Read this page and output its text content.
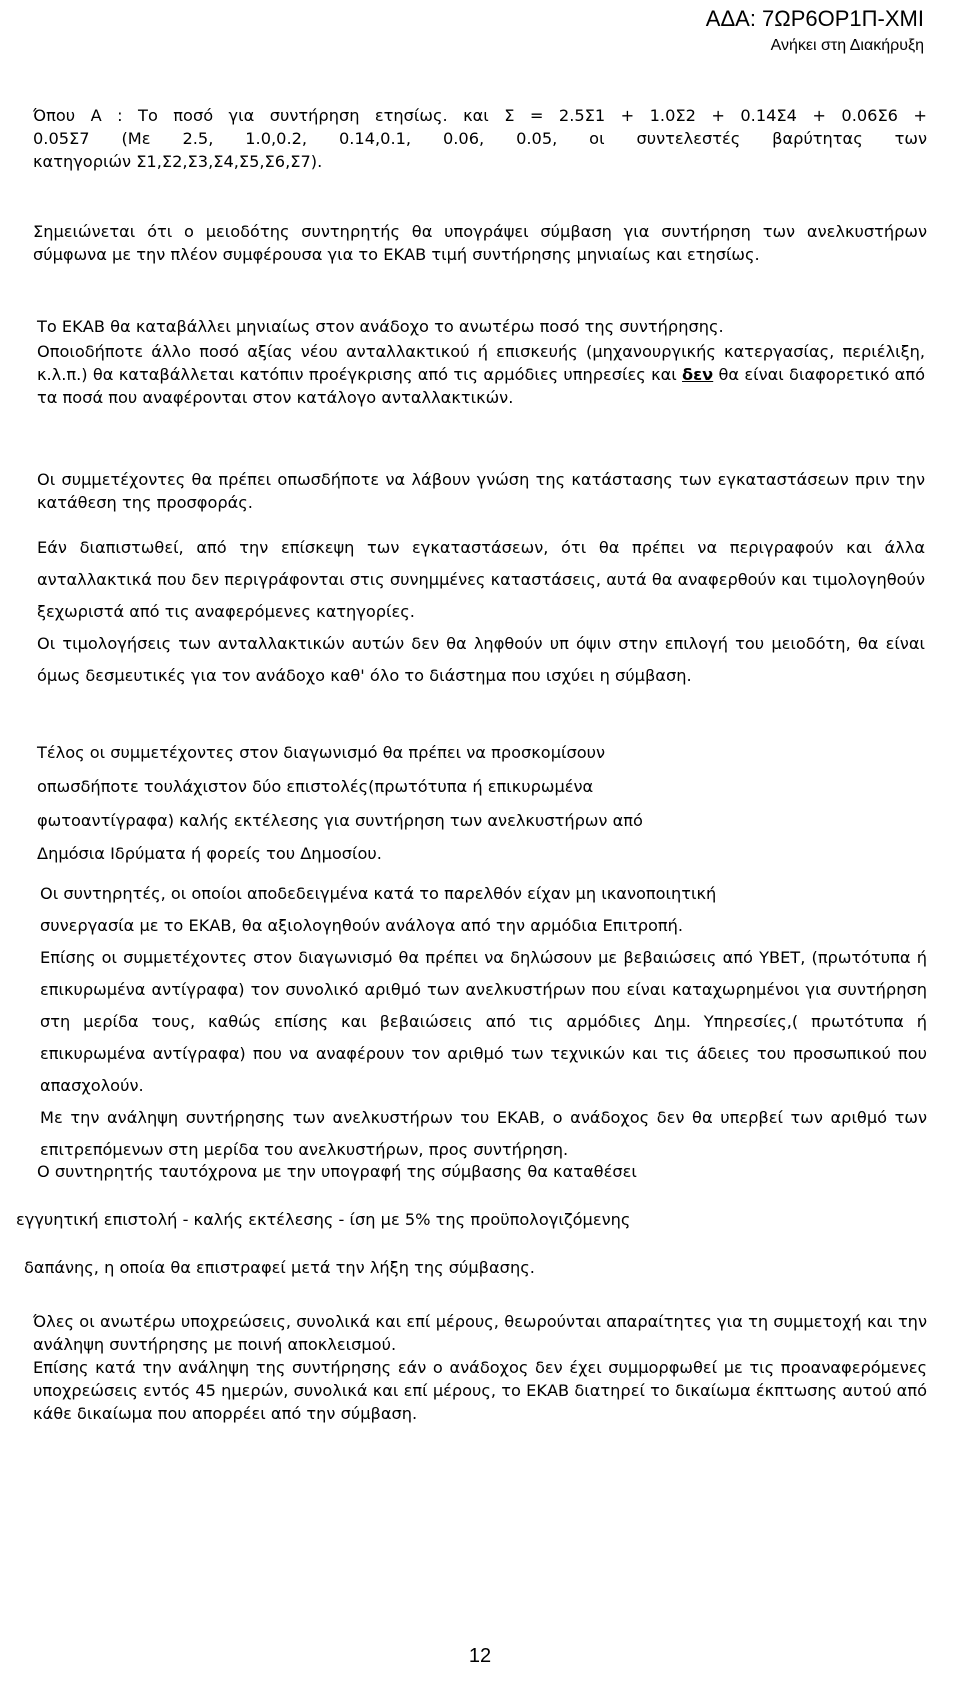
ΑΔΑ: 7ΩΡ6ΟΡ1Π-ΧΜΙ
Ανήκει στη Διακήρυξη
Όπου Α : Το ποσό για συντήρηση ετησίως. και Σ = 2.5Σ1 + 1.0Σ2 + 0.14Σ4 + 0.06Σ6 +
0.05Σ7 (Με 2.5, 1.0,0.2, 0.14,0.1, 0.06, 0.05, οι συντελεστές βαρύτητας των
κατηγοριών Σ1,Σ2,Σ3,Σ4,Σ5,Σ6,Σ7).
Σημειώνεται ότι ο μειοδότης συντηρητής θα υπογράψει σύμβαση για συντήρηση των ανελκυστήρων σύμφωνα με την πλέον συμφέρουσα για το ΕΚΑΒ τιμή συντήρησης μηνιαίως και ετησίως.
Το ΕΚΑΒ θα καταβάλλει μηνιαίως στον ανάδοχο το ανωτέρω ποσό της συντήρησης.
Οποιοδήποτε άλλο ποσό αξίας νέου ανταλλακτικού ή επισκευής (μηχανουργικής κατεργασίας, περιέλιξη, κ.λ.π.) θα καταβάλλεται κατόπιν προέγκρισης από τις αρμόδιες υπηρεσίες και δεν θα είναι διαφορετικό από τα ποσά που αναφέρονται στον κατάλογο ανταλλακτικών.
Οι συμμετέχοντες θα πρέπει οπωσδήποτε να λάβουν γνώση της κατάστασης των εγκαταστάσεων πριν την κατάθεση της προσφοράς.
Εάν διαπιστωθεί, από την επίσκεψη των εγκαταστάσεων, ότι θα πρέπει να περιγραφούν και άλλα ανταλλακτικά που δεν περιγράφονται στις συνημμένες καταστάσεις, αυτά θα αναφερθούν και τιμολογηθούν ξεχωριστά από τις αναφερόμενες κατηγορίες.
Οι τιμολογήσεις των ανταλλακτικών αυτών δεν θα ληφθούν υπ όψιν στην επιλογή του μειοδότη, θα είναι όμως δεσμευτικές για τον ανάδοχο καθ' όλο το διάστημα που ισχύει η σύμβαση.
Τέλος οι συμμετέχοντες στον διαγωνισμό θα πρέπει να προσκομίσουν
οπωσδήποτε τουλάχιστον δύο επιστολές(πρωτότυπα ή επικυρωμένα
φωτοαντίγραφα) καλής εκτέλεσης για συντήρηση των ανελκυστήρων από
Δημόσια Ιδρύματα ή φορείς του Δημοσίου.
Οι συντηρητές, οι οποίοι αποδεδειγμένα κατά το παρελθόν είχαν μη ικανοποιητική
συνεργασία με το ΕΚΑΒ, θα αξιολογηθούν ανάλογα από την αρμόδια Επιτροπή.
Επίσης οι συμμετέχοντες στον διαγωνισμό θα πρέπει να δηλώσουν με βεβαιώσεις από ΥΒΕΤ, (πρωτότυπα ή επικυρωμένα αντίγραφα) τον συνολικό αριθμό των ανελκυστήρων που είναι καταχωρημένοι για συντήρηση στη μερίδα τους, καθώς επίσης και βεβαιώσεις από τις αρμόδιες Δημ. Υπηρεσίες,( πρωτότυπα ή επικυρωμένα αντίγραφα) που να αναφέρουν τον αριθμό των τεχνικών και τις άδειες του προσωπικού που απασχολούν.
Με την ανάληψη συντήρησης των ανελκυστήρων του ΕΚΑΒ, ο ανάδοχος δεν θα υπερβεί των αριθμό των επιτρεπόμενων στη μερίδα του ανελκυστήρων, προς συντήρηση.
Ο συντηρητής ταυτόχρονα με την υπογραφή της σύμβασης θα καταθέσει
εγγυητική επιστολή - καλής εκτέλεσης - ίση με 5% της προϋπολογιζόμενης
δαπάνης, η οποία θα επιστραφεί μετά την λήξη της σύμβασης.
Όλες οι ανωτέρω υποχρεώσεις, συνολικά και επί μέρους, θεωρούνται απαραίτητες για τη συμμετοχή και την ανάληψη συντήρησης με ποινή αποκλεισμού.
Επίσης κατά την ανάληψη της συντήρησης εάν ο ανάδοχος δεν έχει συμμορφωθεί με τις προαναφερόμενες υποχρεώσεις εντός 45 ημερών, συνολικά και επί μέρους, το ΕΚΑΒ διατηρεί το δικαίωμα έκπτωσης αυτού από κάθε δικαίωμα που απορρέει από την σύμβαση.
12
